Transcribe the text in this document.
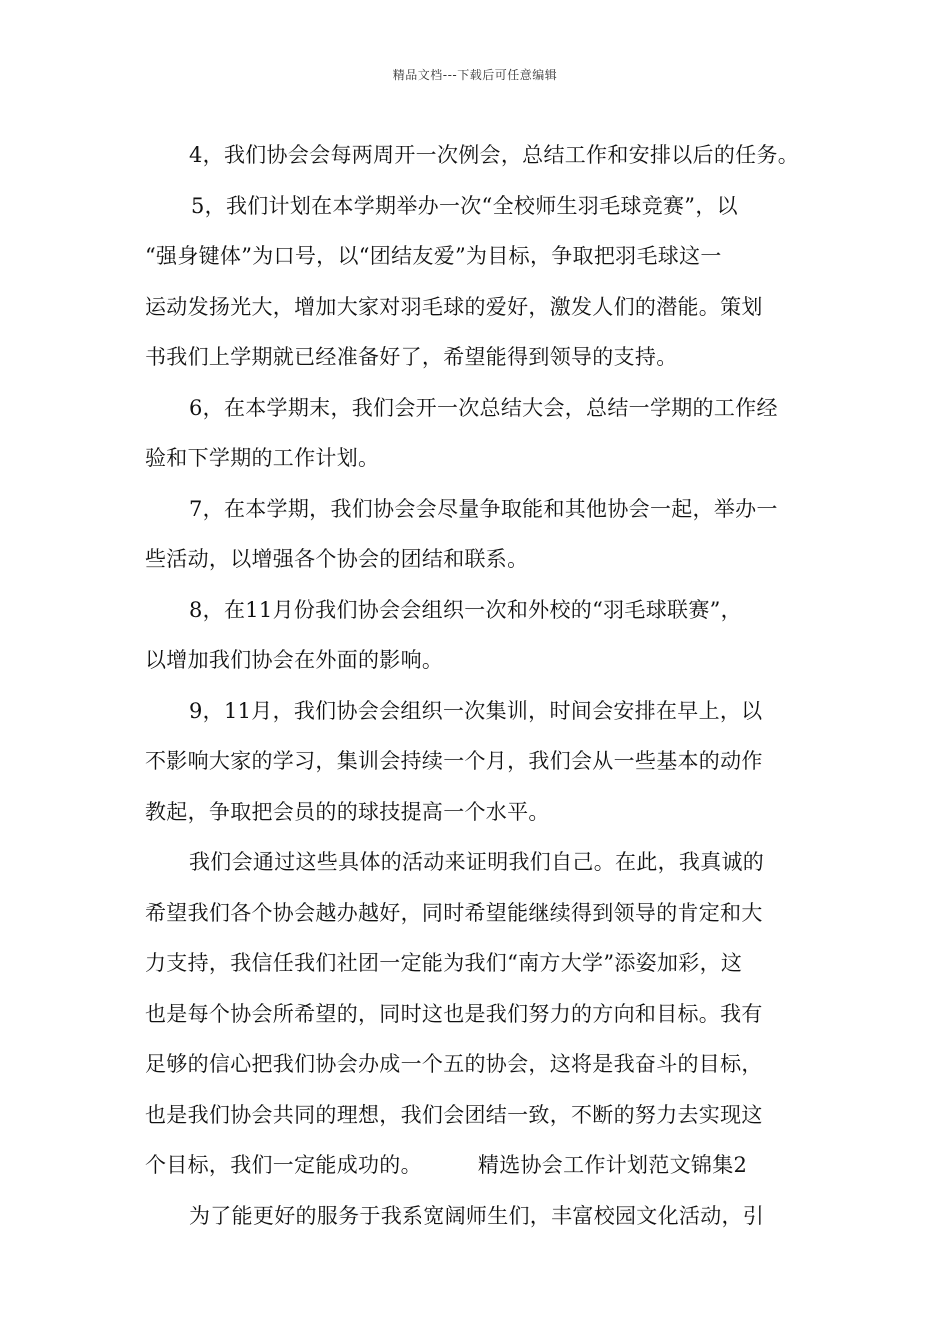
精品文档---下载后可任意编辑
4，我们协会会每两周开一次例会，总结工作和安排以后的任务。
5，我们计划在本学期举办一次“全校师生羽毛球竞赛”，以
“强身键体”为口号，以“团结友爱”为目标，争取把羽毛球这一
运动发扬光大，增加大家对羽毛球的爱好，激发人们的潜能。策划
书我们上学期就已经准备好了，希望能得到领导的支持。
6，在本学期末，我们会开一次总结大会，总结一学期的工作经
验和下学期的工作计划。
7，在本学期，我们协会会尽量争取能和其他协会一起，举办一
些活动，以增强各个协会的团结和联系。
8，在11月份我们协会会组织一次和外校的“羽毛球联赛”，
以增加我们协会在外面的影响。
9，11月，我们协会会组织一次集训，时间会安排在早上，以
不影响大家的学习，集训会持续一个月，我们会从一些基本的动作
教起，争取把会员的的球技提高一个水平。
我们会通过这些具体的活动来证明我们自己。在此，我真诚的
希望我们各个协会越办越好，同时希望能继续得到领导的肯定和大
力支持，我信任我们社团一定能为我们“南方大学”添姿加彩，这
也是每个协会所希望的，同时这也是我们努力的方向和目标。我有
足够的信心把我们协会办成一个五的协会，这将是我奋斗的目标，
也是我们协会共同的理想，我们会团结一致，不断的努力去实现这
个目标，我们一定能成功的。	精选协会工作计划范文锦集2
为了能更好的服务于我系宽阔师生们，丰富校园文化活动，引
